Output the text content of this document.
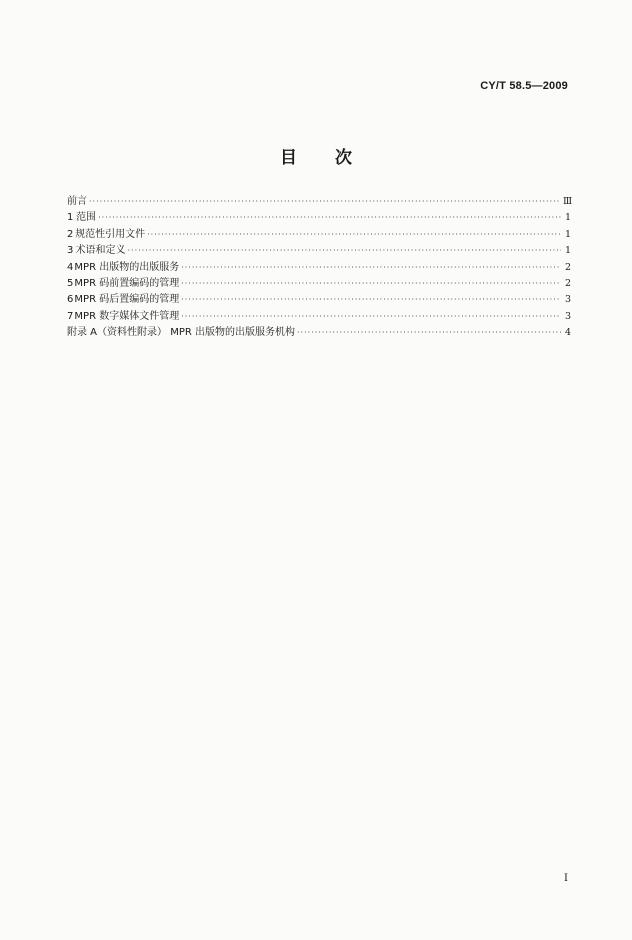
CY/T 58.5—2009
目 次
前言 ·····	Ⅲ
1 范围 ·····	1
2 规范性引用文件 ·····	1
3 术语和定义 ·····	1
4 MPR 出版物的出版服务 ·····	2
5 MPR 码前置编码的管理 ·····	2
6 MPR 码后置编码的管理 ·····	3
7 MPR 数字媒体文件管理 ·····	3
附录 A（资料性附录） MPR 出版物的出版服务机构 ·····	4
I
